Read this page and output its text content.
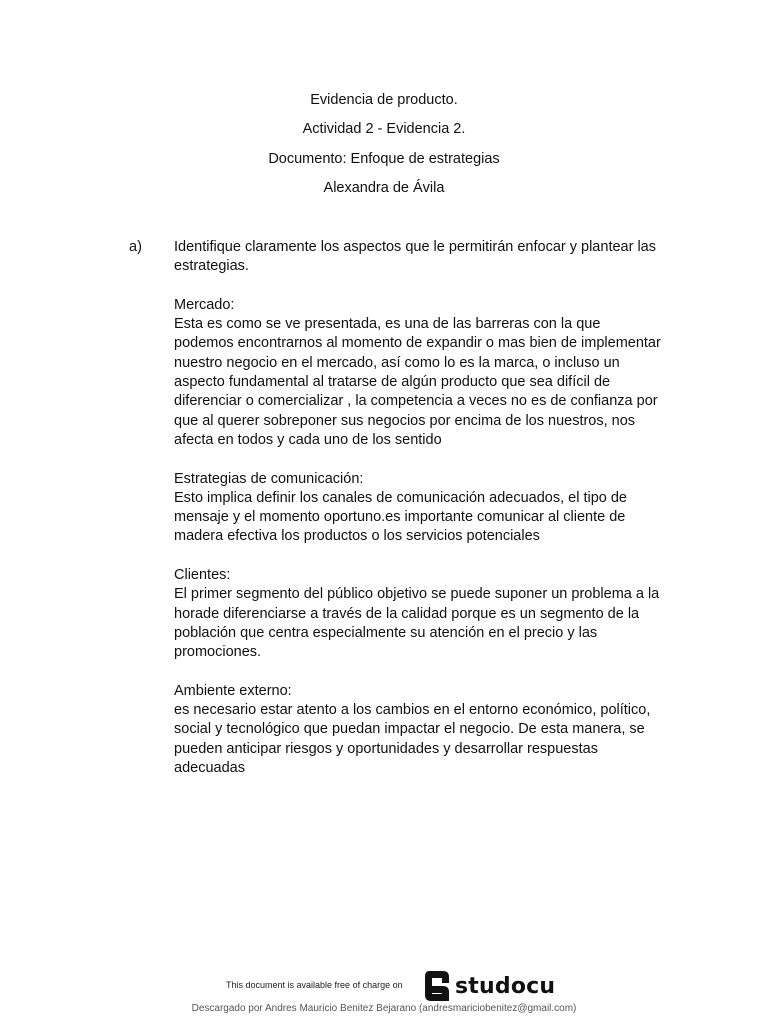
Evidencia de producto.
Actividad 2 - Evidencia 2.
Documento: Enfoque de estrategias
Alexandra de Ávila
a) Identifique claramente los aspectos que le permitirán enfocar y plantear las estrategias.

Mercado:
Esta es como se ve presentada, es una de las barreras con la que podemos encontrarnos al momento de expandir o mas bien de implementar nuestro negocio en el mercado, así como lo es la marca, o incluso un aspecto fundamental al tratarse de algún producto que sea difícil de diferenciar o comercializar , la competencia a veces no es de confianza por que al querer sobreponer sus negocios por encima de los nuestros, nos afecta en todos y cada uno de los sentido
Estrategias de comunicación:
Esto implica definir los canales de comunicación adecuados, el tipo de mensaje y el momento oportuno.es importante comunicar al cliente de madera efectiva los productos o los servicios potenciales
Clientes:
El primer segmento del público objetivo se puede suponer un problema a la horade diferenciarse a través de la calidad porque es un segmento de la población que centra especialmente su atención en el precio y las promociones.
Ambiente externo:
es necesario estar atento a los cambios en el entorno económico, político, social y tecnológico que puedan impactar el negocio. De esta manera, se pueden anticipar riesgos y oportunidades y desarrollar respuestas adecuadas
This document is available free of charge on studocu
Descargado por Andres Mauricio Benitez Bejarano (andresmariciobenitez@gmail.com)
